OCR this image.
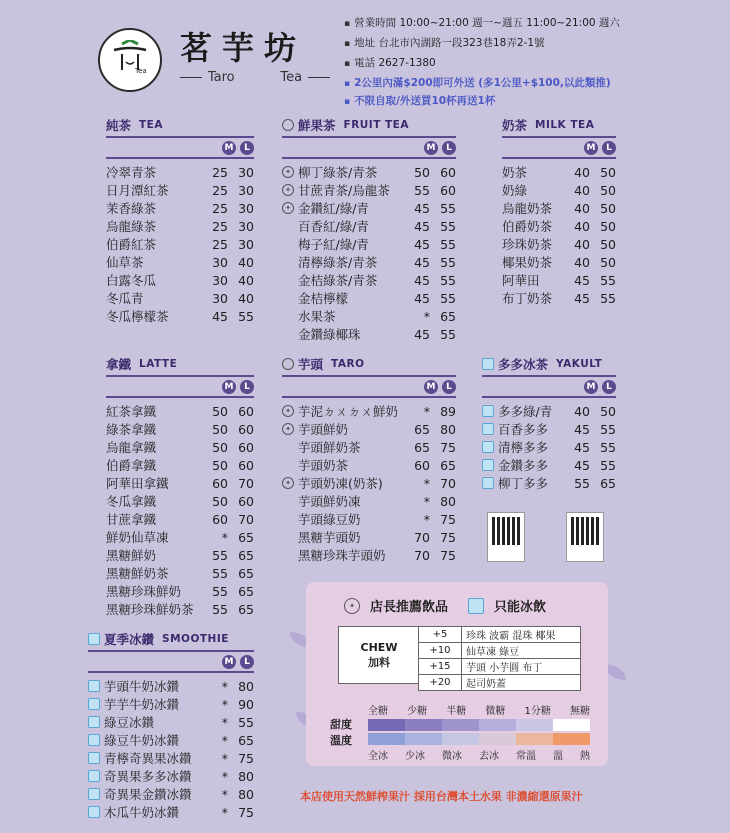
Tea
茗芋坊
Taro	Tea
▪ 營業時間 10:00~21:00 週一~週五 11:00~21:00 週六
▪ 地址 台北市內湖路一段323巷18弄2-1號
▪ 電話 2627-1380
▪ 2公里內滿$200即可外送 (多1公里+$100,以此類推)
▪ 不限自取/外送買10杯再送1杯
純茶 TEA
M	L
冷翠青茶	25 30
日月潭紅茶	25 30
茉香綠茶	25 30
烏龍綠茶	25 30
伯爵紅茶	25 30
仙草茶	30 40
白露冬瓜	30 40
冬瓜青	30 40
冬瓜檸檬茶	45 55
鮮果茶 FRUIT TEA
M	L
✦ 柳丁綠茶/青茶	50 60
✦ 甘蔗青茶/烏龍茶	55 60
✦ 金鑽紅/綠/青	45 55
百香紅/綠/青	45 55
梅子紅/綠/青	45 55
清檸綠茶/青茶	45 55
金桔綠茶/青茶	45 55
金桔檸檬	45 55
水果茶	* 65
金鑽綠椰珠	45 55
奶茶 MILK TEA
M	L
奶茶	40 50
奶綠	40 50
烏龍奶茶	40 50
伯爵奶茶	40 50
珍珠奶茶	40 50
椰果奶茶	40 50
阿華田	45 55
布丁奶茶	45 55
拿鐵 LATTE
M	L
紅茶拿鐵	50 60
綠茶拿鐵	50 60
烏龍拿鐵	50 60
伯爵拿鐵	50 60
阿華田拿鐵	60 70
冬瓜拿鐵	50 60
甘蔗拿鐵	60 70
鮮奶仙草凍	* 65
黑糖鮮奶	55 65
黑糖鮮奶茶	55 65
黑糖珍珠鮮奶	55 65
黑糖珍珠鮮奶茶	55 65
芋頭 TARO
M	L
✦ 芋泥ㄉㄨㄉㄨ鮮奶	* 89
✦ 芋頭鮮奶	65 80
芋頭鮮奶茶	65 75
芋頭奶茶	60 65
✦ 芋頭奶凍(奶茶)	* 70
芋頭鮮奶凍	* 80
芋頭綠豆奶	* 75
黑糖芋頭奶	70 75
黑糖珍珠芋頭奶	70 75
多多冰茶 YAKULT
M	L
多多綠/青	40 50
百香多多	45 55
清檸多多	45 55
金鑽多多	45 55
柳丁多多	55 65
夏季冰鑽 SMOOTHIE
M	L
芋頭牛奶冰鑽	* 80
芋芋牛奶冰鑽	* 90
綠豆冰鑽	* 55
綠豆牛奶冰鑽	* 65
青檸奇異果冰鑽	* 75
奇異果多多冰鑽	* 80
奇異果金鑽冰鑽	* 80
木瓜牛奶冰鑽	* 75
✦	店長推薦飲品	只能冰飲
CHEW
加料
+5	珍珠 波霸 混珠 椰果
+10	仙草凍 綠豆
+15	芋頭 小芋圓 布丁
+20	起司奶蓋
全糖 少糖 半糖 微糖 1分糖 無糖
全冰 少冰 微冰 去冰 常溫 溫 熱
甜度
溫度
本店使用天然鮮榨果汁 採用台灣本土水果 非濃縮還原果汁
